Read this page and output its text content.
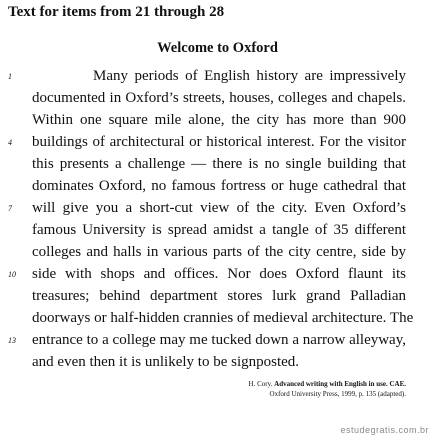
Text for items from 21 through 28
Welcome to Oxford
Many periods of English history are impressively
documented in Oxford’s streets, houses, colleges and chapels.
Within one square mile alone, the city has more than 900
buildings of architectural or historical interest. For the visitor
this presents a challenge — there is no single building that
dominates Oxford, no famous fortress or huge cathedral that
will give you a short-cut view of the city. Even Oxford’s
famous University is spread amidst a tangle of 35 different
colleges and halls in various parts of the city centre, side by
side with shops and offices. Nor does Oxford flaunt its
treasures; behind department stores lurk grand Palladian
doorways or half-hidden crannies of medieval architecture. The
entrance to a college may me tucked down a narrow alleyway,
and even then it is unlikely to be signposted.
1
4
7
10
13
H. Cory. Advanced writing with English in use. CAE.
Oxford University Press, 1999, p. 135 (adapted).
estudegratis.com.br
